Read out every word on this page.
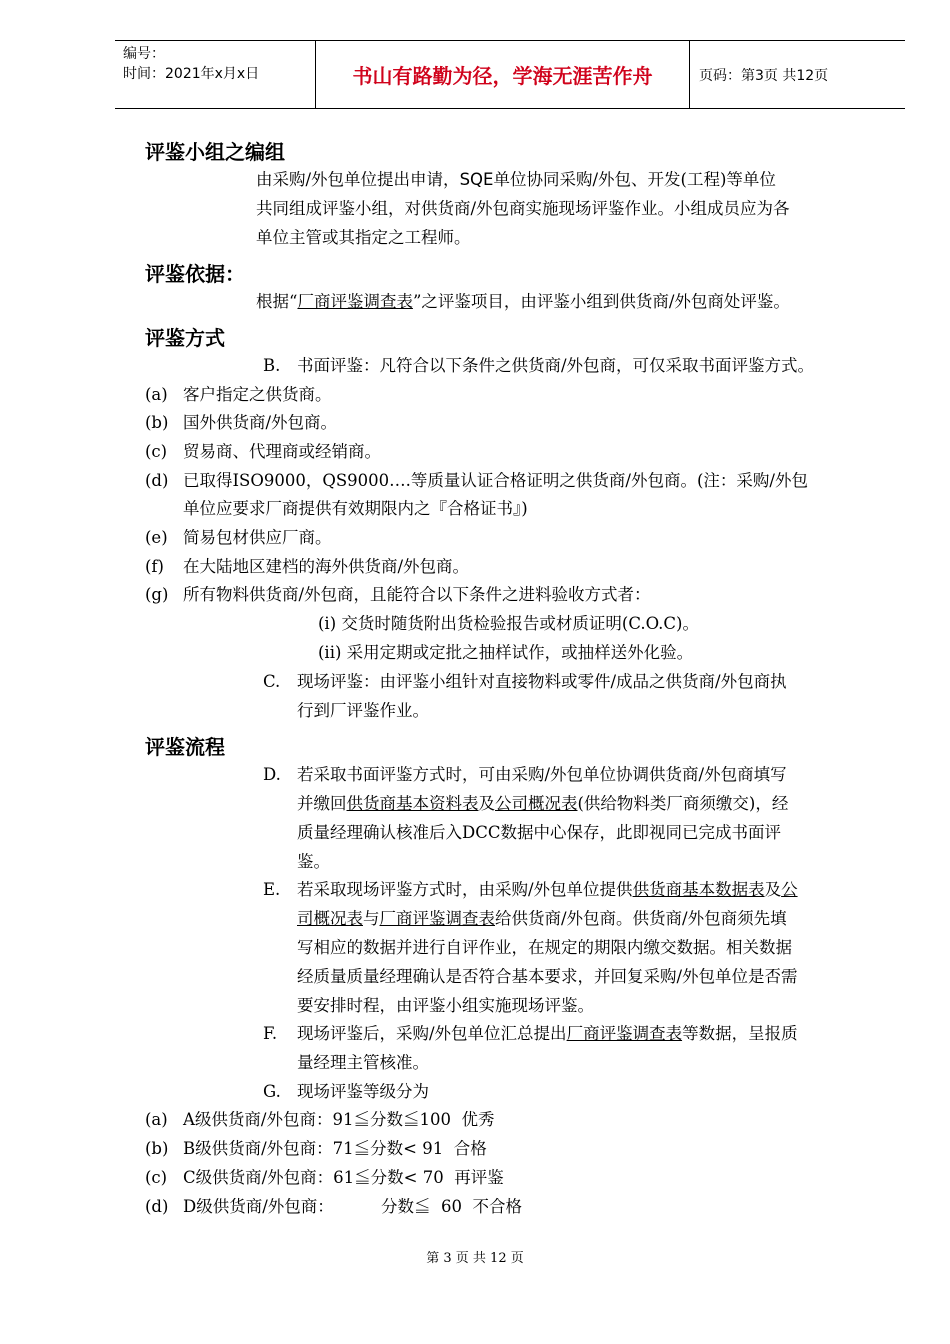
编号：
时间：2021年x月x日	书山有路勤为径，学海无涯苦作舟	页码：第3页 共12页
评鉴小组之编组
由采购/外包单位提出申请，SQE单位协同采购/外包、开发(工程)等单位
共同组成评鉴小组，对供货商/外包商实施现场评鉴作业。小组成员应为各
单位主管或其指定之工程师。
评鉴依据：
根据“厂商评鉴调查表”之评鉴项目，由评鉴小组到供货商/外包商处评鉴。
评鉴方式
B. 书面评鉴：凡符合以下条件之供货商/外包商，可仅采取书面评鉴方式。
(a) 客户指定之供货商。
(b) 国外供货商/外包商。
(c) 贸易商、代理商或经销商。
(d) 已取得ISO9000，QS9000….等质量认证合格证明之供货商/外包商。(注：采购/外包
单位应要求厂商提供有效期限内之『合格证书』)
(e) 简易包材供应厂商。
(f) 在大陆地区建档的海外供货商/外包商。
(g) 所有物料供货商/外包商，且能符合以下条件之进料验收方式者：
(i) 交货时随货附出货检验报告或材质证明(C.O.C)。
(ii) 采用定期或定批之抽样试作，或抽样送外化验。
C. 现场评鉴：由评鉴小组针对直接物料或零件/成品之供货商/外包商执
行到厂评鉴作业。
评鉴流程
D. 若采取书面评鉴方式时，可由采购/外包单位协调供货商/外包商填写
并缴回供货商基本资料表及公司概况表(供给物料类厂商须缴交)，经
质量经理确认核准后入DCC数据中心保存，此即视同已完成书面评
鉴。
E. 若采取现场评鉴方式时，由采购/外包单位提供供货商基本数据表及公
司概况表与厂商评鉴调查表给供货商/外包商。供货商/外包商须先填
写相应的数据并进行自评作业，在规定的期限内缴交数据。相关数据
经质量质量经理确认是否符合基本要求，并回复采购/外包单位是否需
要安排时程，由评鉴小组实施现场评鉴。
F. 现场评鉴后，采购/外包单位汇总提出厂商评鉴调查表等数据，呈报质
量经理主管核准。
G. 现场评鉴等级分为
(a) A级供货商/外包商：91≦分数≦100  优秀
(b) B级供货商/外包商：71≦分数< 91  合格
(c) C级供货商/外包商：61≦分数< 70  再评鉴
(d) D级供货商/外包商：         分数≦  60  不合格
第 3 页 共 12 页
